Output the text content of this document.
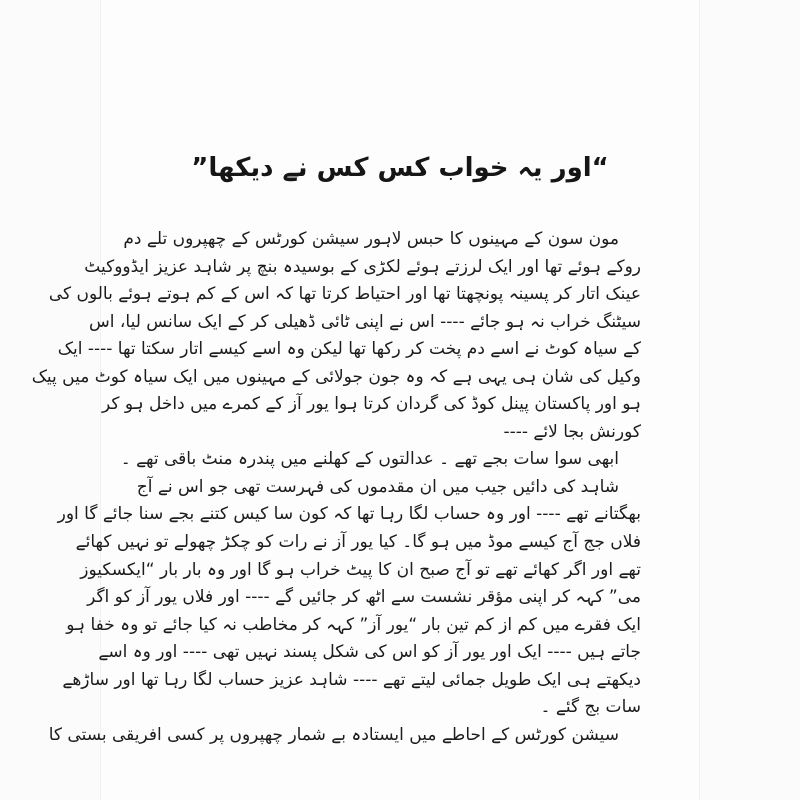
“اور یہ خواب کس کس نے دیکھا”
مون سون کے مہینوں کا حبس لاہور سیشن کورٹس کے چھپروں تلے دم
روکے ہوئے تھا اور ایک لرزتے ہوئے لکڑی کے بوسیدہ بنچ پر شاہد عزیز ایڈووکیٹ
عینک اتار کر پسینہ پونچھتا تھا اور احتیاط کرتا تھا کہ اس کے کم ہوتے ہوئے بالوں کی
سیٹنگ خراب نہ ہو جائے ---- اس نے اپنی ٹائی ڈھیلی کر کے ایک سانس لیا، اس
کے سیاہ کوٹ نے اسے دم پخت کر رکھا تھا لیکن وہ اسے کیسے اتار سکتا تھا ---- ایک
وکیل کی شان ہی یہی ہے کہ وہ جون جولائی کے مہینوں میں ایک سیاہ کوٹ میں پیک
ہو اور پاکستان پینل کوڈ کی گردان کرتا ہوا یور آز کے کمرے میں داخل ہو کر
کورنش بجا لائے ----
ابھی سوا سات بجے تھے ۔ عدالتوں کے کھلنے میں پندرہ منٹ باقی تھے ۔
شاہد کی دائیں جیب میں ان مقدموں کی فہرست تھی جو اس نے آج
بھگتانے تھے ---- اور وہ حساب لگا رہا تھا کہ کون سا کیس کتنے بجے سنا جائے گا اور
فلاں جج آج کیسے موڈ میں ہو گا۔ کیا یور آز نے رات کو چکڑ چھولے تو نہیں کھائے
تھے اور اگر کھائے تھے تو آج صبح ان کا پیٹ خراب ہو گا اور وہ بار بار “ایکسکیوز
می” کہہ کر اپنی مؤقر نشست سے اٹھ کر جائیں گے ---- اور فلاں یور آز کو اگر
ایک فقرے میں کم از کم تین بار “یور آز” کہہ کر مخاطب نہ کیا جائے تو وہ خفا ہو
جاتے ہیں ---- ایک اور یور آز کو اس کی شکل پسند نہیں تھی ---- اور وہ اسے
دیکھتے ہی ایک طویل جمائی لیتے تھے ---- شاہد عزیز حساب لگا رہا تھا اور ساڑھے
سات بج گئے ۔
سیشن کورٹس کے احاطے میں ایستادہ بے شمار چھپروں پر کسی افریقی بستی کا
